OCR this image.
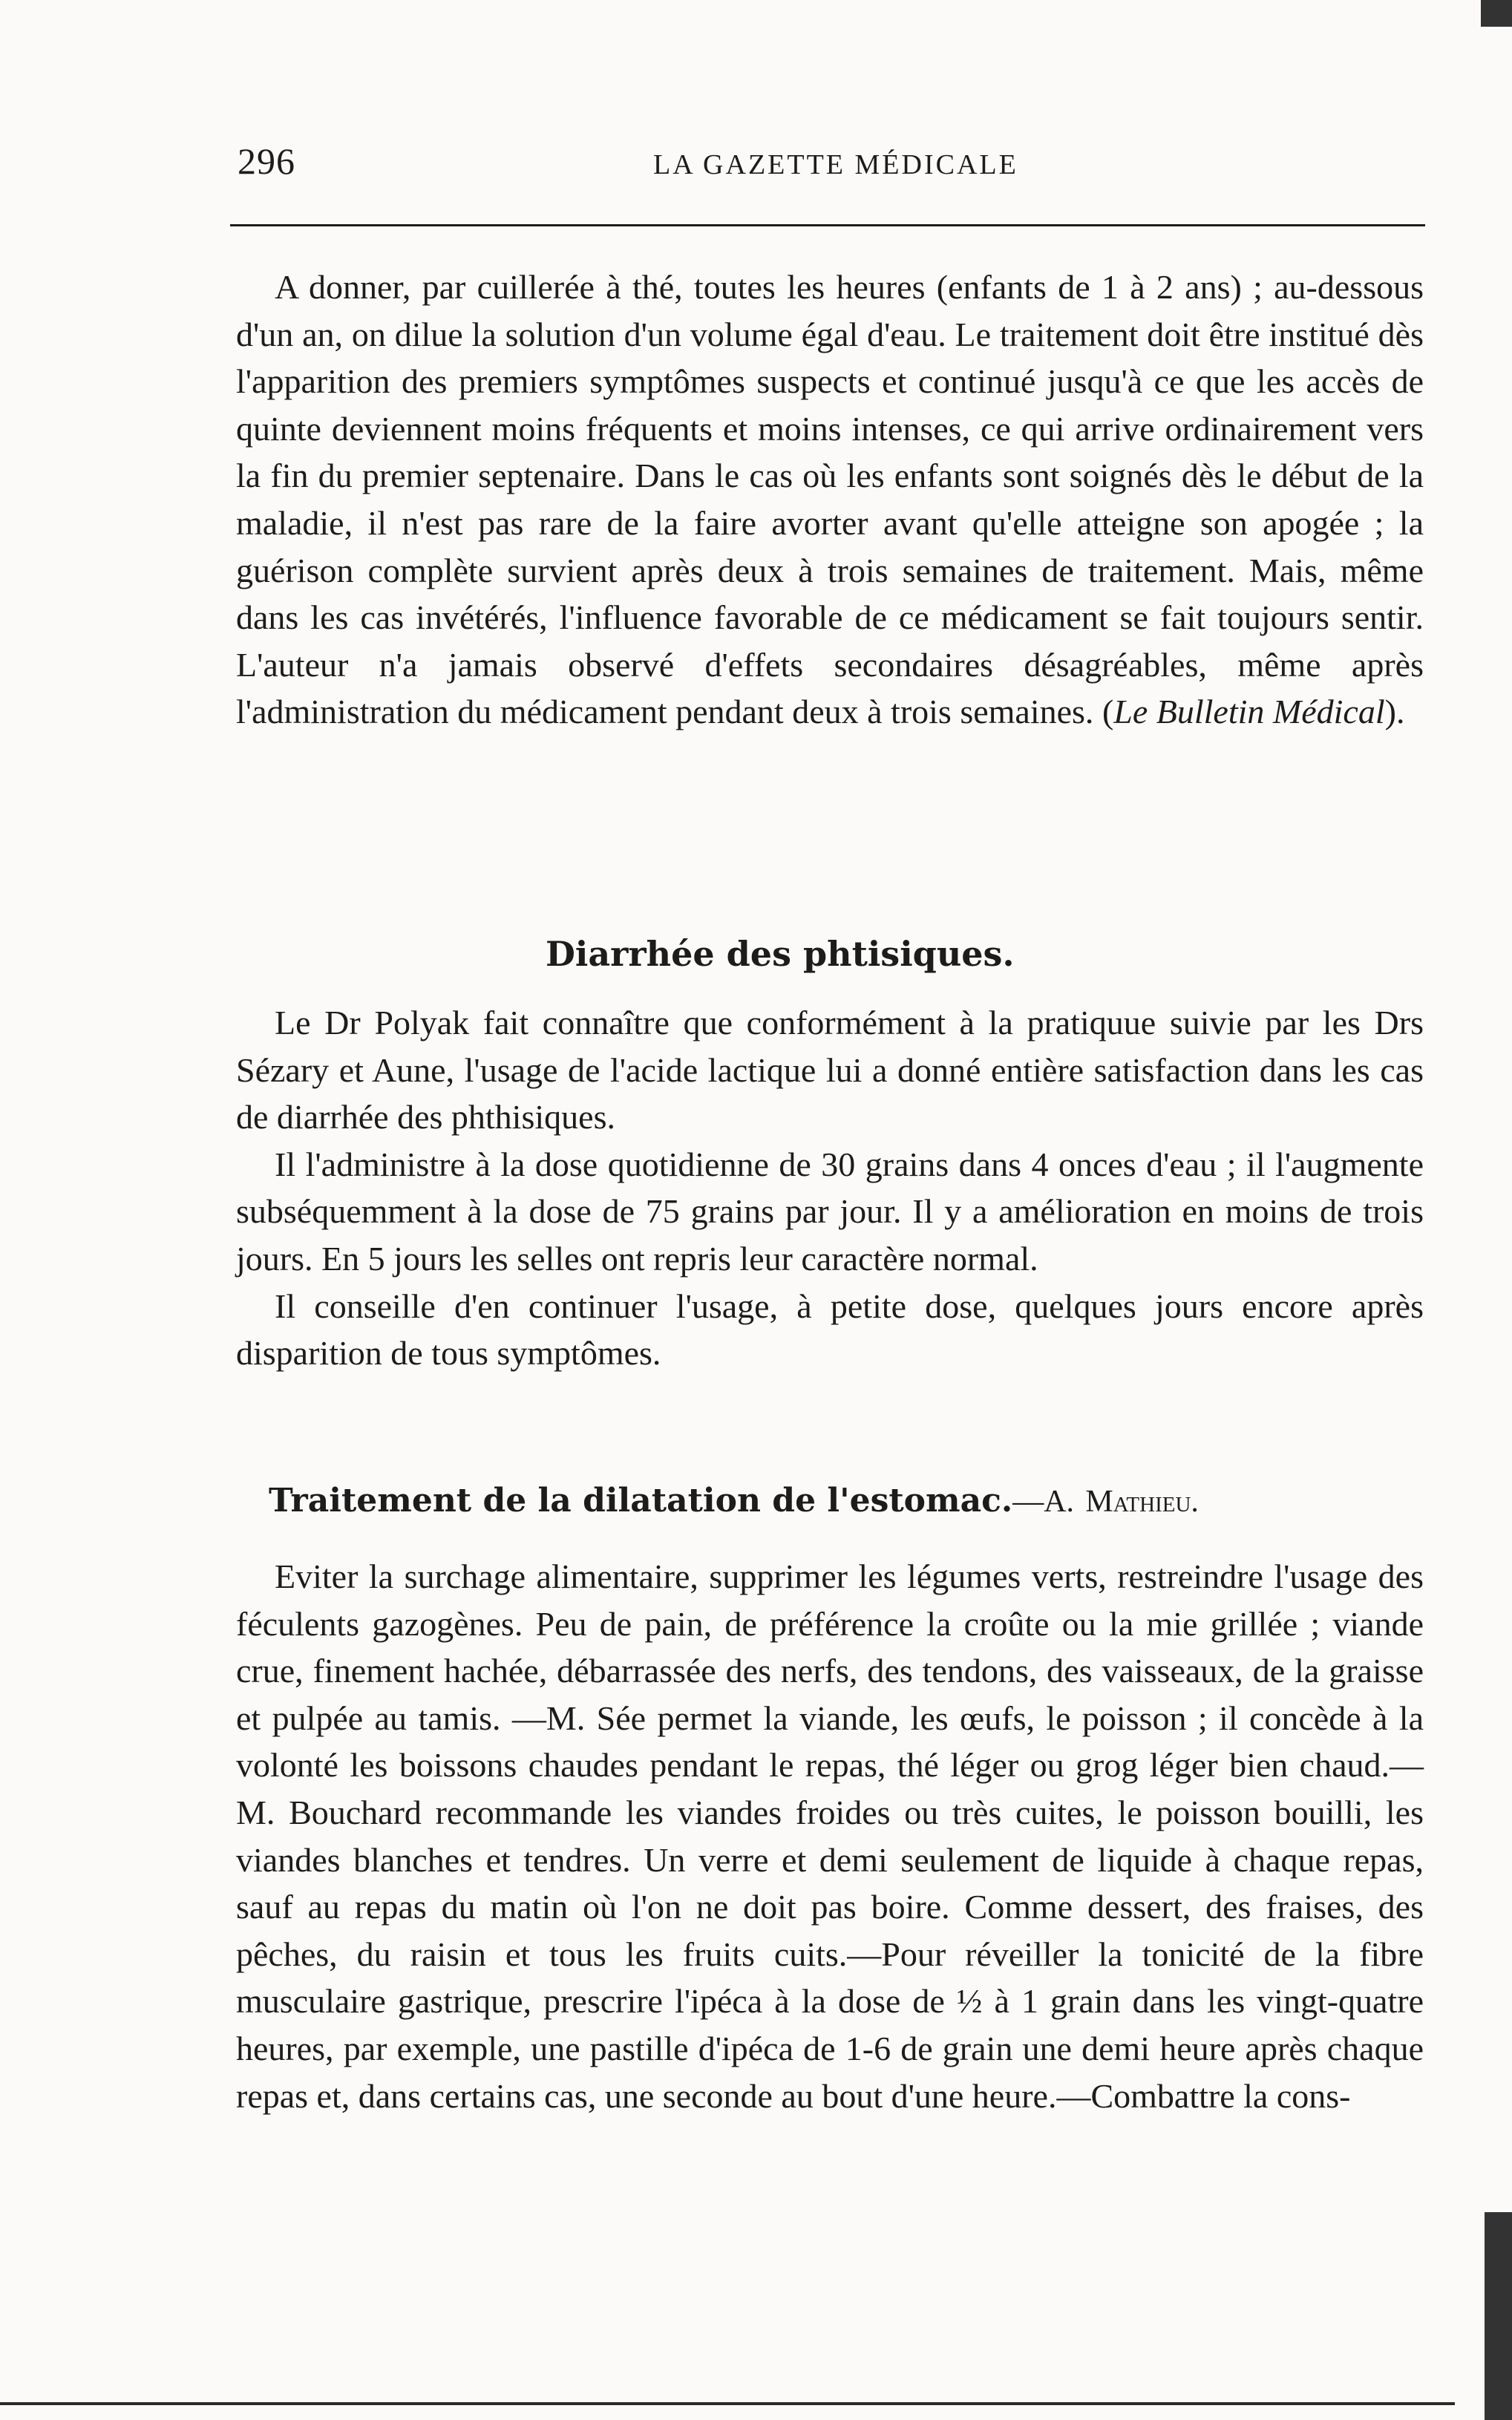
296	LA GAZETTE MÉDICALE

A donner, par cuillerée à thé, toutes les heures (enfants de 1 à 2 ans) ; au-dessous d'un an, on dilue la solution d'un volume égal d'eau. Le traitement doit être institué dès l'apparition des premiers symptômes suspects et continué jusqu'à ce que les accès de quinte deviennent moins fréquents et moins intenses, ce qui arrive ordinairement vers la fin du premier septenaire. Dans le cas où les enfants sont soignés dès le début de la maladie, il n'est pas rare de la faire avorter avant qu'elle atteigne son apogée ; la guérison complète survient après deux à trois semaines de traitement. Mais, même dans les cas invétérés, l'influence favorable de ce médicament se fait toujours sentir. L'auteur n'a jamais observé d'effets secondaires désagréables, même après l'administration du médicament pendant deux à trois semaines. (Le Bulletin Médical).

Diarrhée des phtisiques.

Le Dr Polyak fait connaître que conformément à la pratiquue suivie par les Drs Sézary et Aune, l'usage de l'acide lactique lui a donné entière satisfaction dans les cas de diarrhée des phthisiques.

Il l'administre à la dose quotidienne de 30 grains dans 4 onces d'eau ; il l'augmente subséquemment à la dose de 75 grains par jour. Il y a amélioration en moins de trois jours. En 5 jours les selles ont repris leur caractère normal.

Il conseille d'en continuer l'usage, à petite dose, quelques jours encore après disparition de tous symptômes.

Traitement de la dilatation de l'estomac.—A. Mathieu.

Eviter la surchage alimentaire, supprimer les légumes verts, restreindre l'usage des féculents gazogènes. Peu de pain, de préférence la croûte ou la mie grillée ; viande crue, finement hachée, débarrassée des nerfs, des tendons, des vaisseaux, de la graisse et pulpée au tamis. —M. Sée permet la viande, les œufs, le poisson ; il concède à la volonté les boissons chaudes pendant le repas, thé léger ou grog léger bien chaud.—M. Bouchard recommande les viandes froides ou très cuites, le poisson bouilli, les viandes blanches et tendres. Un verre et demi seulement de liquide à chaque repas, sauf au repas du matin où l'on ne doit pas boire. Comme dessert, des fraises, des pêches, du raisin et tous les fruits cuits.—Pour réveiller la tonicité de la fibre musculaire gastrique, prescrire l'ipéca à la dose de ½ à 1 grain dans les vingt-quatre heures, par exemple, une pastille d'ipéca de 1-6 de grain une demi heure après chaque repas et, dans certains cas, une seconde au bout d'une heure.—Combattre la cons-
